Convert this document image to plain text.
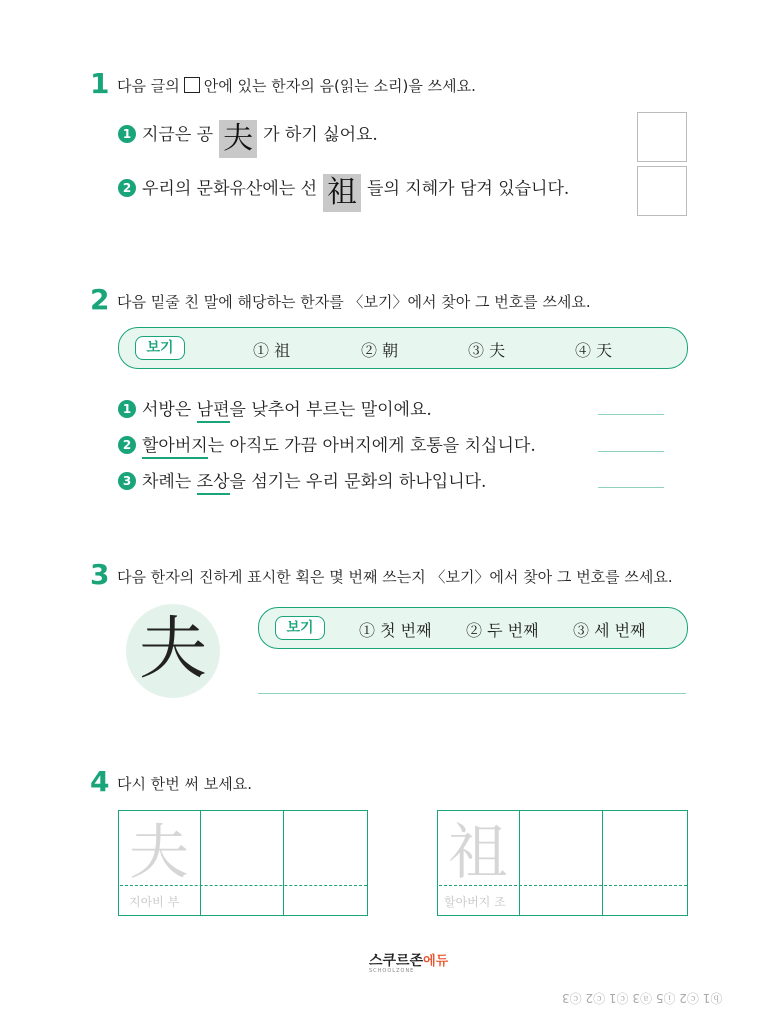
1 다음 글의 안에 있는 한자의 음(읽는 소리)을 쓰세요.
1 지금은 공 夫 가 하기 싫어요.
2 우리의 문화유산에는 선 祖 들의 지혜가 담겨 있습니다.
2 다음 밑줄 친 말에 해당하는 한자를 〈보기〉에서 찾아 그 번호를 쓰세요.
보기	① 祖	② 朝	③ 夫	④ 天
1 서방은 남편을 낮추어 부르는 말이에요.
2 할아버지는 아직도 가끔 아버지에게 호통을 치십니다.
3 차례는 조상을 섬기는 우리 문화의 하나입니다.
3 다음 한자의 진하게 표시한 획은 몇 번째 쓰는지 〈보기〉에서 찾아 그 번호를 쓰세요.
夫	보기	① 첫 번째 ② 두 번째 ③ 세 번째
4 다시 한번 써 보세요.
夫
지아비 부
祖
할아버지 조
스쿠르존에듀
SCHOOLZONE
ⓑ1 ⓒ2 ⓘ5 ⓐ3 ⓒ1 ⓒ2 ⓒ3
